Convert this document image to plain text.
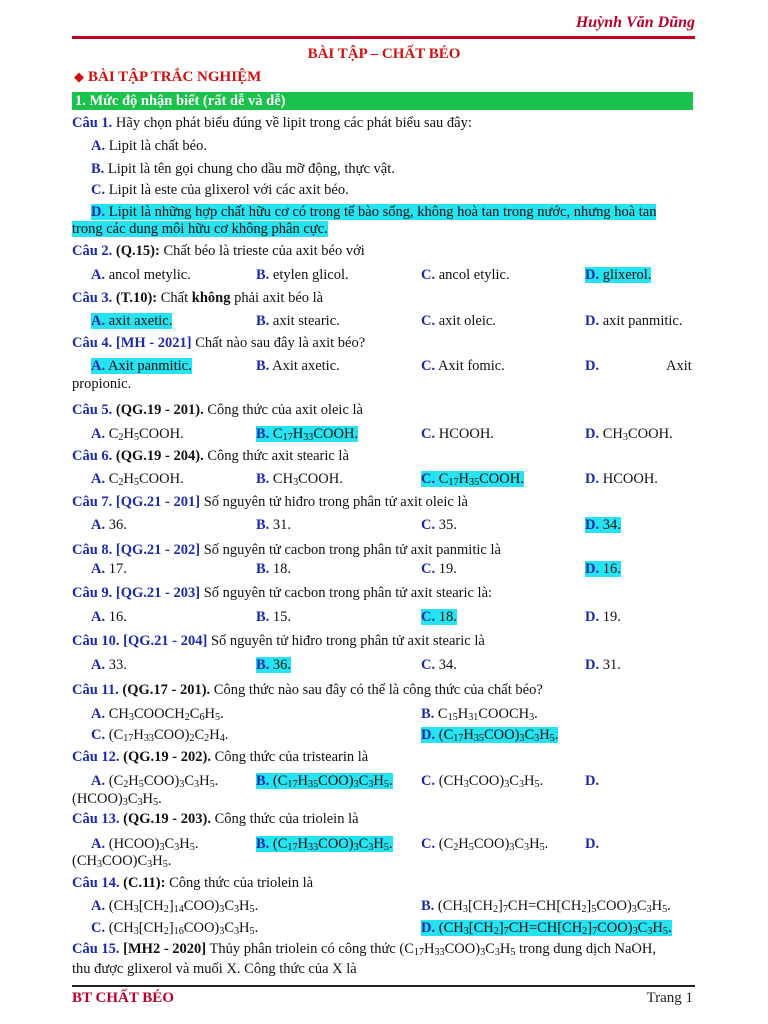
Huỳnh Văn Dũng
BÀI TẬP – CHẤT BÉO
◆ BÀI TẬP TRẮC NGHIỆM
1. Mức độ nhận biết (rất dễ và dễ)
Câu 1. Hãy chọn phát biểu đúng về lipit trong các phát biểu sau đây:
A. Lipit là chất béo.
B. Lipit là tên gọi chung cho dầu mỡ động, thực vật.
C. Lipit là este của glixerol với các axit béo.
D. Lipit là những hợp chất hữu cơ có trong tế bào sống, không hoà tan trong nước, nhưng hoà tan
trong các dung môi hữu cơ không phân cực.
Câu 2. (Q.15): Chất béo là trieste của axit béo với
A. ancol metylic.	B. etylen glicol.	C. ancol etylic.	D. glixerol.
Câu 3. (T.10): Chất không phải axit béo là
A. axit axetic.	B. axit stearic.	C. axit oleic.	D. axit panmitic.
Câu 4. [MH - 2021] Chất nào sau đây là axit béo?
A. Axit panmitic.	B. Axit axetic.	C. Axit fomic.	D.	Axit
propionic.
Câu 5. (QG.19 - 201). Công thức của axit oleic là
A. $C_2H_5COOH$.	B. $C_{17}H_{33}COOH$.	C. HCOOH.	D. $CH_3COOH$.
Câu 6. (QG.19 - 204). Công thức axit stearic là
A. $C_2H_5COOH$.	B. $CH_3COOH$.	C. $C_{17}H_{35}COOH$.	D. HCOOH.
Câu 7. [QG.21 - 201] Số nguyên tử hiđro trong phân tử axit oleic là
A. 36.	B. 31.	C. 35.	D. 34.
Câu 8. [QG.21 - 202] Số nguyên tử cacbon trong phân tử axit panmitic là
A. 17.	B. 18.	C. 19.	D. 16.
Câu 9. [QG.21 - 203] Số nguyên tử cacbon trong phân tử axit stearic là:
A. 16.	B. 15.	C. 18.	D. 19.
Câu 10. [QG.21 - 204] Số nguyên tử hiđro trong phân tử axit stearic là
A. 33.	B. 36.	C. 34.	D. 31.
Câu 11. (QG.17 - 201). Công thức nào sau đây có thể là công thức của chất béo?
A. $CH_3COOCH_2C_6H_5$.	B. $C_{15}H_{31}COOCH_3$.
C. $(C_{17}H_{33}COO)_2C_2H_4$.	D. $(C_{17}H_{35}COO)_3C_3H_5$.
Câu 12. (QG.19 - 202). Công thức của tristearin là
A. $(C_2H_5COO)_3C_3H_5$.	B. $(C_{17}H_{35}COO)_3C_3H_5$. C. $(CH_3COO)_3C_3H_5$.	D.
$(HCOO)_3C_3H_5$.
Câu 13. (QG.19 - 203). Công thức của triolein là
A. $(HCOO)_3C_3H_5$.	B. $(C_{17}H_{33}COO)_3C_3H_5$. C. $(C_2H_5COO)_3C_3H_5$.	D.
$(CH_3COO)C_3H_5$.
Câu 14. (C.11): Công thức của triolein là
A. $(CH_3[CH_2]_{14}COO)_3C_3H_5$.	B. $(CH_3[CH_2]_7CH=CH[CH_2]_5COO)_3C_3H_5$.
C. $(CH_3[CH_2]_{16}COO)_3C_3H_5$.	D. $(CH_3[CH_2]_7CH=CH[CH_2]_7COO)_3C_3H_5$.
Câu 15. [MH2 - 2020] Thủy phân triolein có công thức $(C_{17}H_{33}COO)_3C_3H_5$ trong dung dịch NaOH,
thu được glixerol và muối X. Công thức của X là
BT CHẤT BÉO	Trang 1
